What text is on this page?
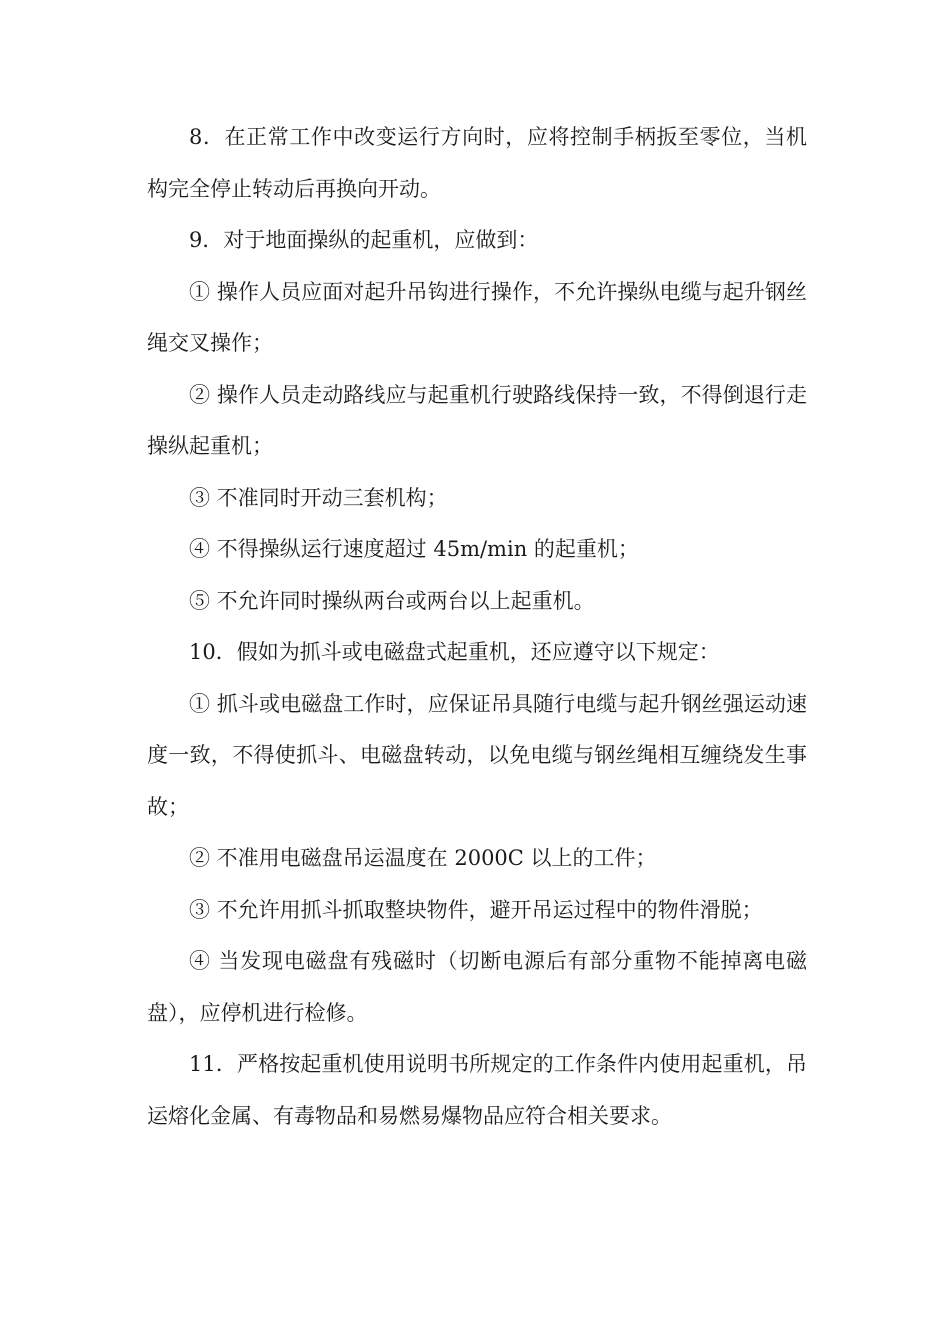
8．在正常工作中改变运行方向时，应将控制手柄扳至零位，当机构完全停止转动后再换向开动。

9．对于地面操纵的起重机，应做到：

① 操作人员应面对起升吊钩进行操作，不允许操纵电缆与起升钢丝绳交叉操作；

② 操作人员走动路线应与起重机行驶路线保持一致，不得倒退行走操纵起重机；

③ 不准同时开动三套机构；

④ 不得操纵运行速度超过 45m/min 的起重机；

⑤ 不允许同时操纵两台或两台以上起重机。

10．假如为抓斗或电磁盘式起重机，还应遵守以下规定：

① 抓斗或电磁盘工作时，应保证吊具随行电缆与起升钢丝强运动速度一致，不得使抓斗、电磁盘转动，以免电缆与钢丝绳相互缠绕发生事故；

② 不准用电磁盘吊运温度在 2000C 以上的工件；

③ 不允许用抓斗抓取整块物件，避开吊运过程中的物件滑脱；

④ 当发现电磁盘有残磁时（切断电源后有部分重物不能掉离电磁盘），应停机进行检修。

11．严格按起重机使用说明书所规定的工作条件内使用起重机，吊运熔化金属、有毒物品和易燃易爆物品应符合相关要求。
